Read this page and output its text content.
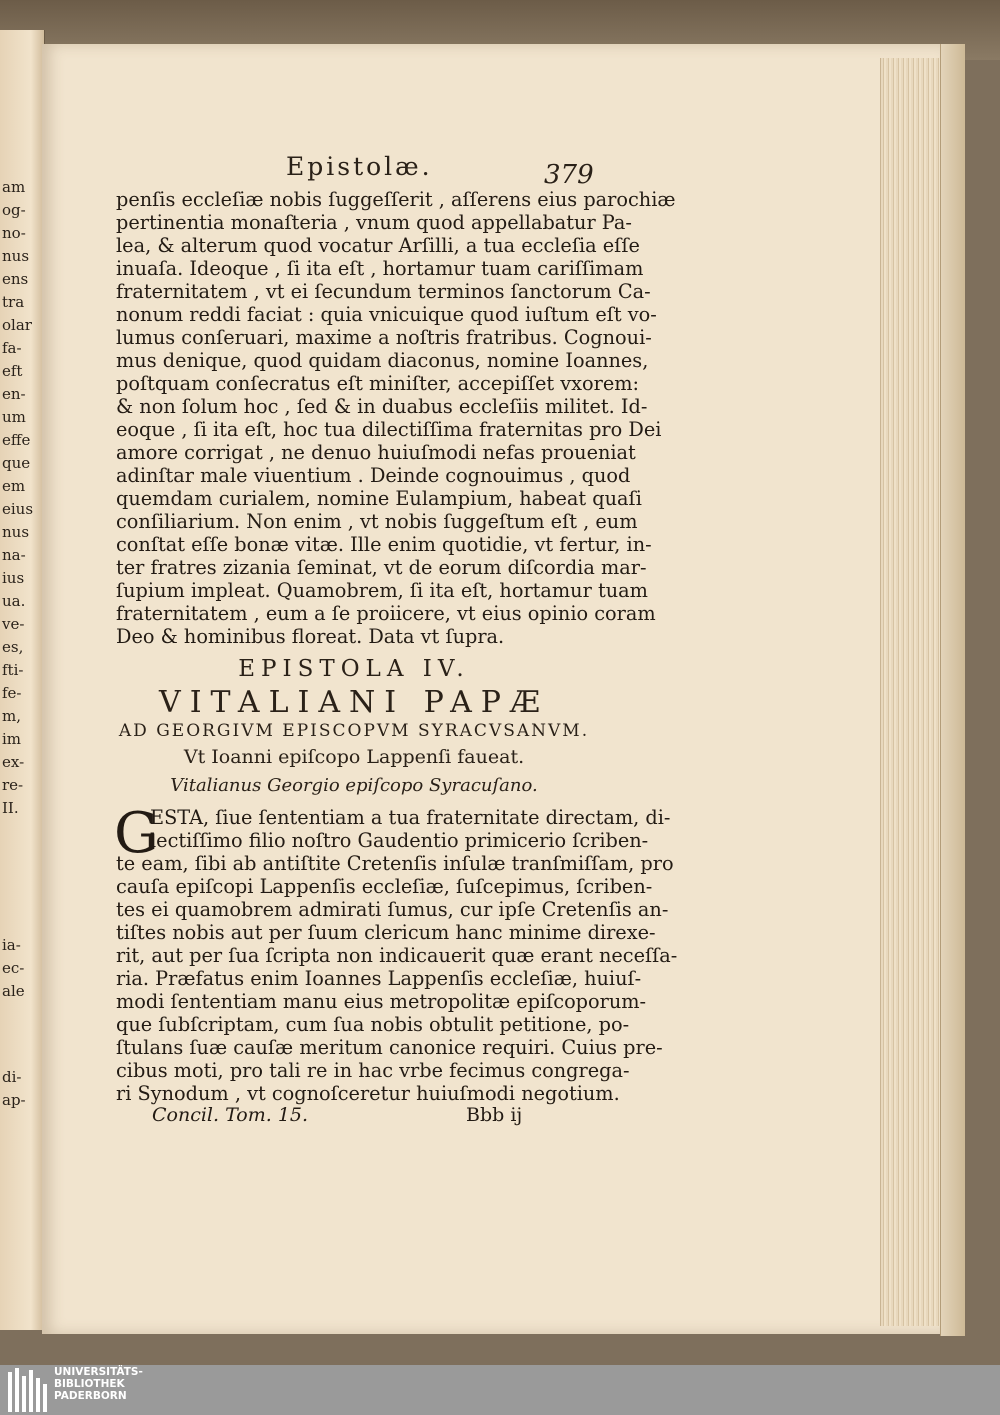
am
og-
no-
nus
ens
tra
olar
fa-
eft
en-
um
effe
que
em
eius
nus
na-
ius
ua.
ve-
es,
fti-
fe-
m,
im
ex-
re-
II.
ia-
ec-
ale
di-
ap-
Epistolæ.	379
penſis eccleſiæ nobis ſuggeſſerit , aſſerens eius parochiæ
pertinentia monaſteria , vnum quod appellabatur Pa-
lea, & alterum quod vocatur Arſilli, a tua eccleſia eſſe
inuaſa. Ideoque , ſi ita eſt , hortamur tuam cariſſimam
fraternitatem , vt ei ſecundum terminos ſanctorum Ca-
nonum reddi faciat : quia vnicuique quod iuſtum eſt vo-
lumus conſeruari, maxime a noſtris fratribus. Cognoui-
mus denique, quod quidam diaconus, nomine Ioannes,
poſtquam conſecratus eſt miniſter, accepiſſet vxorem:
& non ſolum hoc , ſed & in duabus eccleſiis militet. Id-
eoque , ſi ita eſt, hoc tua dilectiſſima fraternitas pro Dei
amore corrigat , ne denuo huiuſmodi nefas proueniat
adinſtar male viuentium . Deinde cognouimus , quod
quemdam curialem, nomine Eulampium, habeat quaſi
conſiliarium. Non enim , vt nobis ſuggeſtum eſt , eum
conſtat eſſe bonæ vitæ. Ille enim quotidie, vt fertur, in-
ter fratres zizania ſeminat, vt de eorum diſcordia mar-
ſupium impleat. Quamobrem, ſi ita eſt, hortamur tuam
fraternitatem , eum a ſe proiicere, vt eius opinio coram
Deo & hominibus floreat. Data vt ſupra.
EPISTOLA IV.
VITALIANI PAPÆ
AD GEORGIVM EPISCOPVM SYRACVSANVM.
Vt Ioanni epiſcopo Lappenſi faueat.
Vitalianus Georgio epiſcopo Syracuſano.
G
ESTA, ſiue ſententiam a tua fraternitate directam, di-
lectiſſimo filio noſtro Gaudentio primicerio ſcriben-
te eam, ſibi ab antiſtite Cretenſis inſulæ tranſmiſſam, pro
cauſa epiſcopi Lappenſis eccleſiæ, ſuſcepimus, ſcriben-
tes ei quamobrem admirati ſumus, cur ipſe Cretenſis an-
tiſtes nobis aut per ſuum clericum hanc minime direxe-
rit, aut per ſua ſcripta non indicauerit quæ erant neceſſa-
ria. Præfatus enim Ioannes Lappenſis eccleſiæ, huiuſ-
modi ſententiam manu eius metropolitæ epiſcoporum-
que ſubſcriptam, cum ſua nobis obtulit petitione, po-
ſtulans ſuæ cauſæ meritum canonice requiri. Cuius pre-
cibus moti, pro tali re in hac vrbe fecimus congrega-
ri Synodum , vt cognoſceretur huiuſmodi negotium.
Concil. Tom. 15.	Bbb ij
UNIVERSITÄTS-
BIBLIOTHEK
PADERBORN
